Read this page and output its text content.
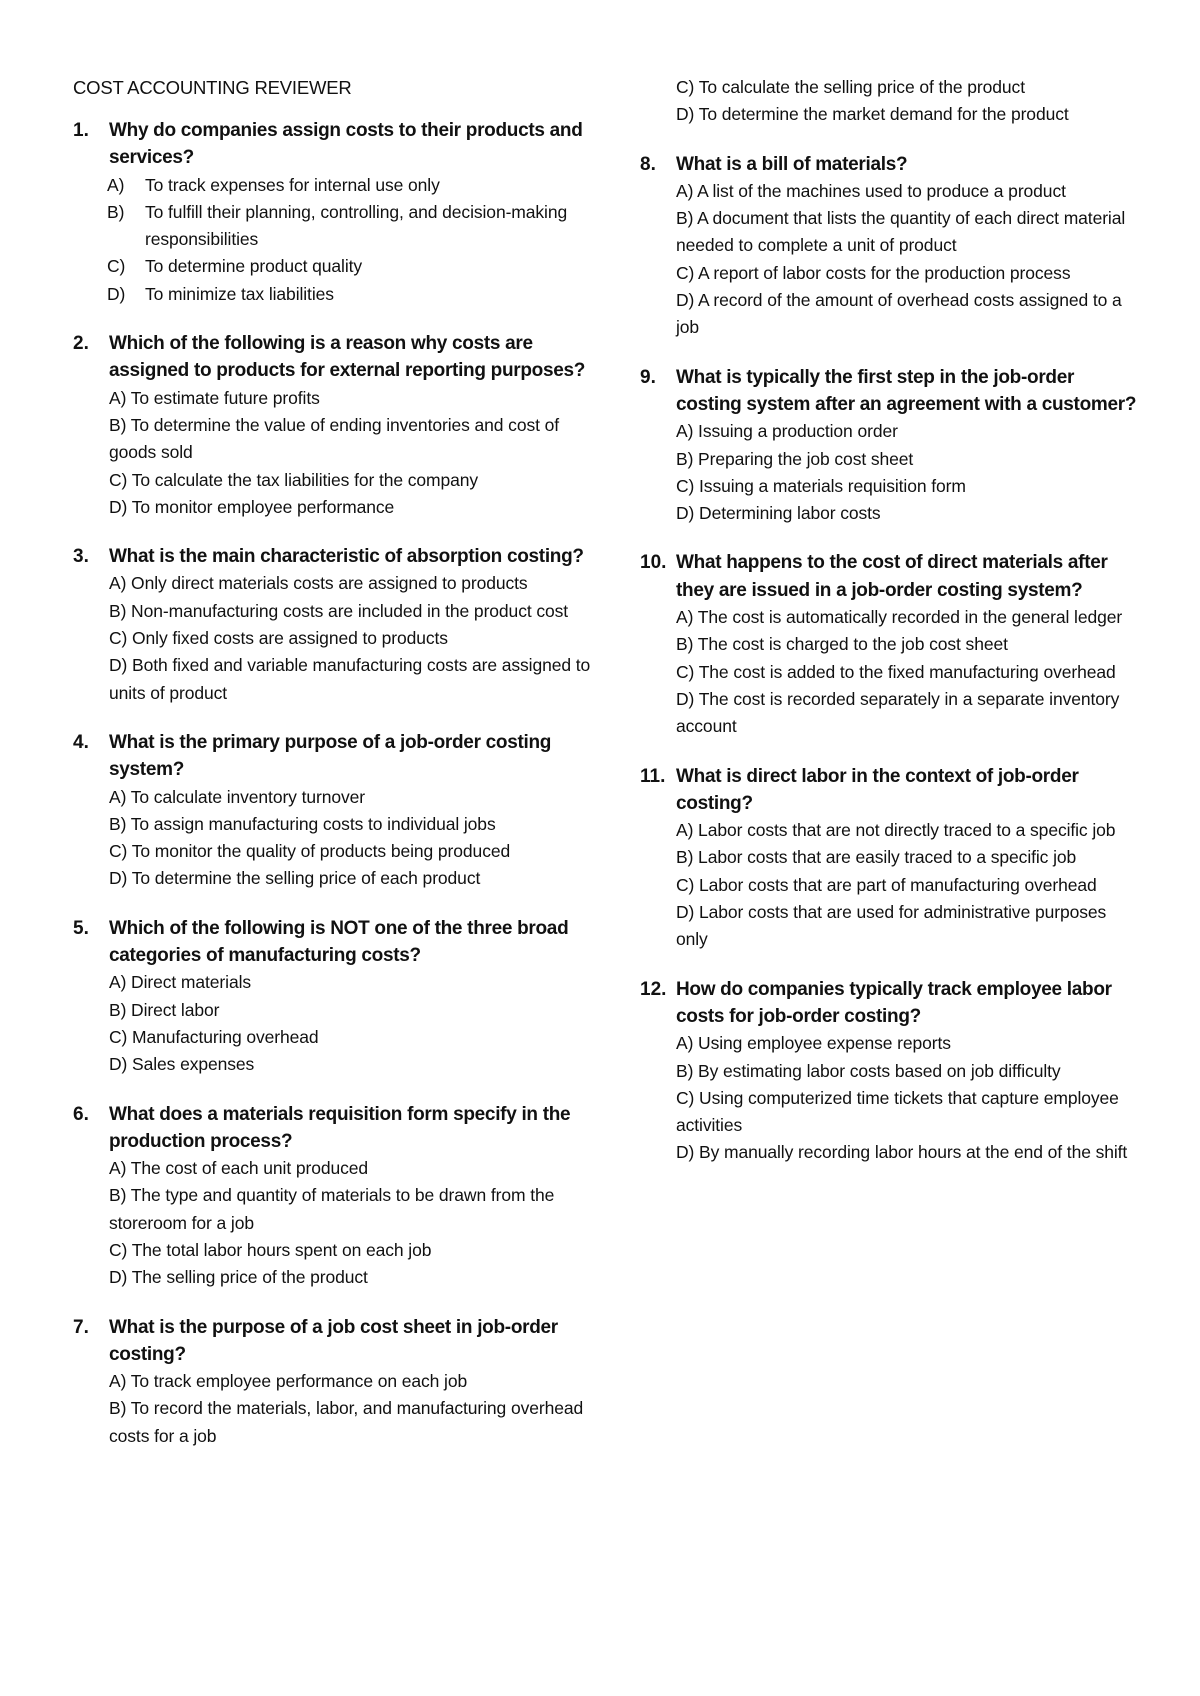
COST ACCOUNTING REVIEWER
1.	Why do companies assign costs to their products and services?
A)	To track expenses for internal use only
B)	To fulfill their planning, controlling, and decision-making responsibilities
C)	To determine product quality
D)	To minimize tax liabilities
2.	Which of the following is a reason why costs are assigned to products for external reporting purposes?
A) To estimate future profits
B) To determine the value of ending inventories and cost of goods sold
C) To calculate the tax liabilities for the company
D) To monitor employee performance
3.	What is the main characteristic of absorption costing?
A) Only direct materials costs are assigned to products
B) Non-manufacturing costs are included in the product cost
C) Only fixed costs are assigned to products
D) Both fixed and variable manufacturing costs are assigned to units of product
4.	What is the primary purpose of a job-order costing system?
A) To calculate inventory turnover
B) To assign manufacturing costs to individual jobs
C) To monitor the quality of products being produced
D) To determine the selling price of each product
5.	Which of the following is NOT one of the three broad categories of manufacturing costs?
A) Direct materials
B) Direct labor
C) Manufacturing overhead
D) Sales expenses
6.	What does a materials requisition form specify in the production process?
A) The cost of each unit produced
B) The type and quantity of materials to be drawn from the storeroom for a job
C) The total labor hours spent on each job
D) The selling price of the product
7.	What is the purpose of a job cost sheet in job-order costing?
A) To track employee performance on each job
B) To record the materials, labor, and manufacturing overhead costs for a job
C) To calculate the selling price of the product
D) To determine the market demand for the product
8.	What is a bill of materials?
A) A list of the machines used to produce a product
B) A document that lists the quantity of each direct material needed to complete a unit of product
C) A report of labor costs for the production process
D) A record of the amount of overhead costs assigned to a job
9.	What is typically the first step in the job-order costing system after an agreement with a customer?
A) Issuing a production order
B) Preparing the job cost sheet
C) Issuing a materials requisition form
D) Determining labor costs
10. What happens to the cost of direct materials after they are issued in a job-order costing system?
A) The cost is automatically recorded in the general ledger
B) The cost is charged to the job cost sheet
C) The cost is added to the fixed manufacturing overhead
D) The cost is recorded separately in a separate inventory account
11. What is direct labor in the context of job-order costing?
A) Labor costs that are not directly traced to a specific job
B) Labor costs that are easily traced to a specific job
C) Labor costs that are part of manufacturing overhead
D) Labor costs that are used for administrative purposes only
12. How do companies typically track employee labor costs for job-order costing?
A) Using employee expense reports
B) By estimating labor costs based on job difficulty
C) Using computerized time tickets that capture employee activities
D) By manually recording labor hours at the end of the shift
